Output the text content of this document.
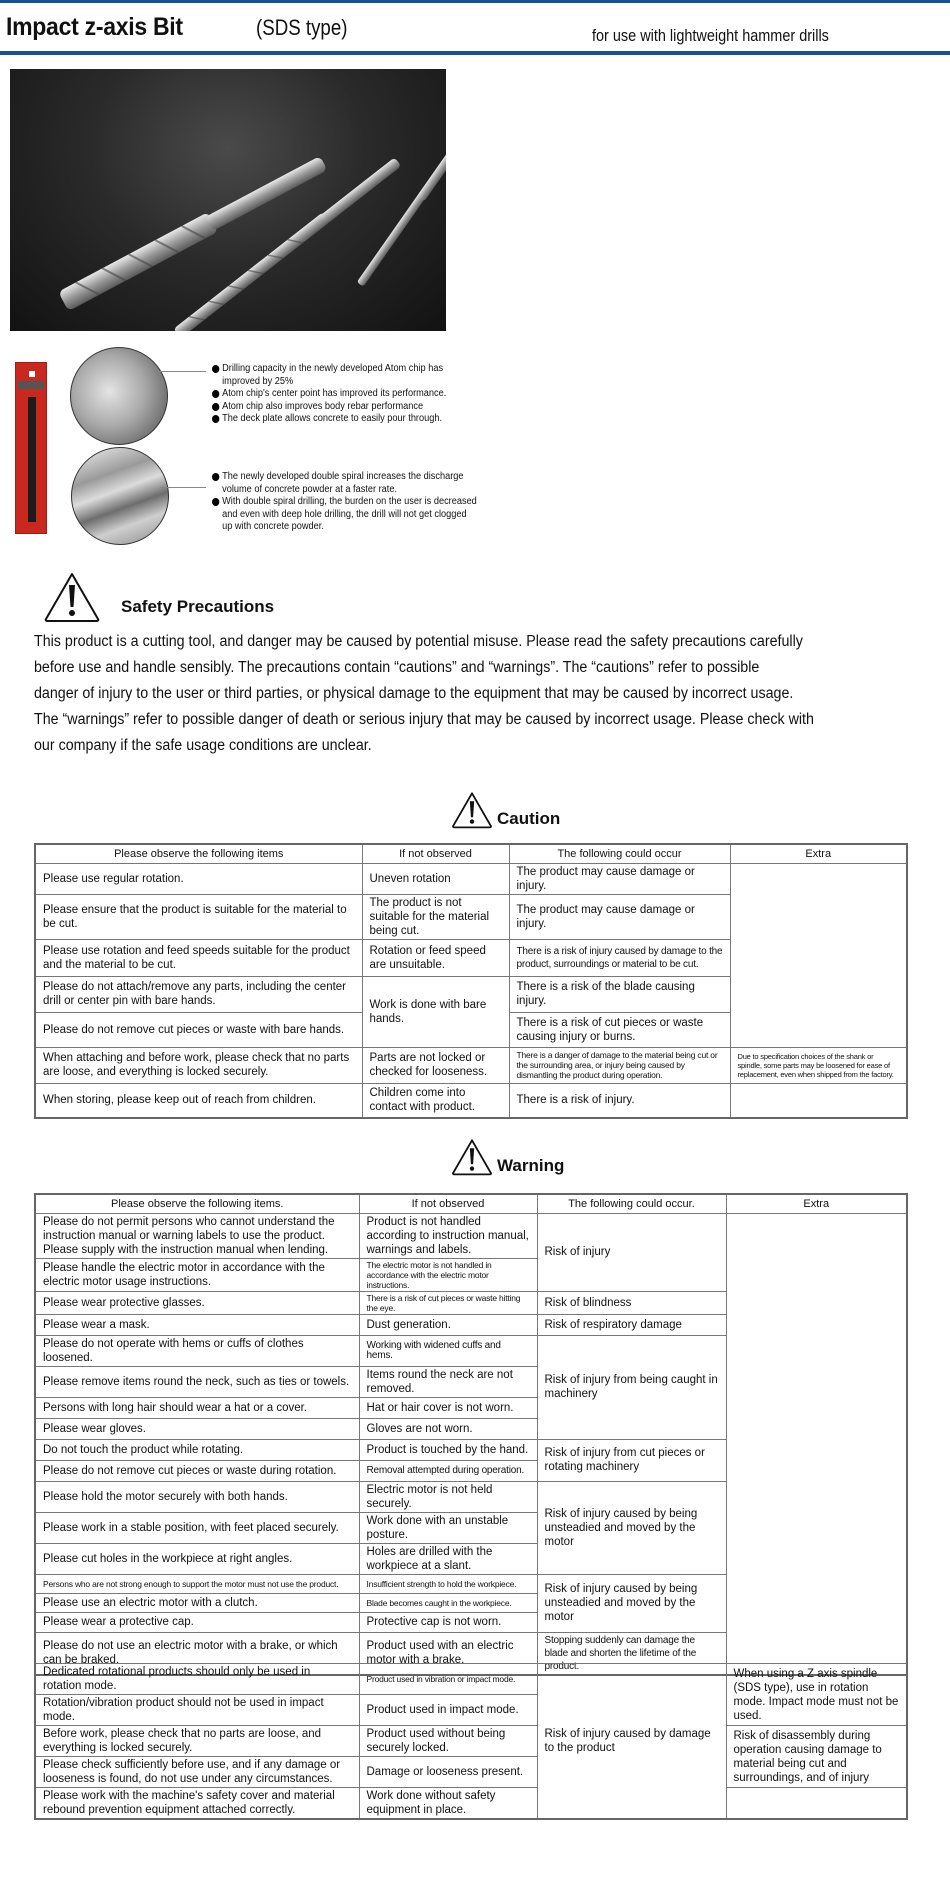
Impact z-axis Bit	(SDS type)	for use with lightweight hammer drills
Drilling capacity in the newly developed Atom chip has improved by 25%
Atom chip's center point has improved its performance.
Atom chip also improves body rebar performance
The deck plate allows concrete to easily pour through.
The newly developed double spiral increases the discharge volume of concrete powder at a faster rate.
With double spiral drilling, the burden on the user is decreased and even with deep hole drilling, the drill will not get clogged up with concrete powder.
Safety Precautions

This product is a cutting tool, and danger may be caused by potential misuse. Please read the safety precautions carefully

before use and handle sensibly. The precautions contain “cautions” and “warnings”. The “cautions” refer to possible

danger of injury to the user or third parties, or physical damage to the equipment that may be caused by incorrect usage.

The “warnings” refer to possible danger of death or serious injury that may be caused by incorrect usage. Please check with

our company if the safe usage conditions are unclear.

Caution
Please observe the following items	If not observed	The following could occur	Extra
Please use regular rotation.	Uneven rotation	The product may cause damage or injury.	
Please ensure that the product is suitable for the material to be cut.	The product is not suitable for the material being cut.	The product may cause damage or injury.	
Please use rotation and feed speeds suitable for the product and the material to be cut.	Rotation or feed speed are unsuitable.	There is a risk of injury caused by damage to the product, surroundings or material to be cut.	
Please do not attach/remove any parts, including the center drill or center pin with bare hands.	Work is done with bare hands.	There is a risk of the blade causing injury.	
Please do not remove cut pieces or waste with bare hands.		There is a risk of cut pieces or waste causing injury or burns.	
When attaching and before work, please check that no parts are loose, and everything is locked securely.	Parts are not locked or checked for looseness.	There is a danger of damage to the material being cut or the surrounding area, or injury being caused by dismantling the product during operation.	Due to specification choices of the shank or spindle, some parts may be loosened for ease of replacement, even when shipped from the factory.
When storing, please keep out of reach from children.	Children come into contact with product.	There is a risk of injury.	
Warning
Please observe the following items.	If not observed	The following could occur.	Extra
Please do not permit persons who cannot understand the instruction manual or warning labels to use the product. Please supply with the instruction manual when lending.	Product is not handled according to instruction manual, warnings and labels.	Risk of injury	
Please handle the electric motor in accordance with the electric motor usage instructions.	The electric motor is not handled in accordance with the electric motor instructions.		
Please wear protective glasses.	There is a risk of cut pieces or waste hitting the eye.	Risk of blindness	
Please wear a mask.	Dust generation.	Risk of respiratory damage	
Please do not operate with hems or cuffs of clothes loosened.	Working with widened cuffs and hems.	Risk of injury from being caught in machinery	
Please remove items round the neck, such as ties or towels.	Items round the neck are not removed.		
Persons with long hair should wear a hat or a cover.	Hat or hair cover is not worn.		
Please wear gloves.	Gloves are not worn.		
Do not touch the product while rotating.	Product is touched by the hand.	Risk of injury from cut pieces or rotating machinery	
Please do not remove cut pieces or waste during rotation.	Removal attempted during operation.		
Please hold the motor securely with both hands.	Electric motor is not held securely.	Risk of injury caused by being unsteadied and moved by the motor	
Please work in a stable position, with feet placed securely.	Work done with an unstable posture.		
Please cut holes in the workpiece at right angles.	Holes are drilled with the workpiece at a slant.		
Persons who are not strong enough to support the motor must not use the product.	Insufficient strength to hold the workpiece.	Risk of injury caused by being unsteadied and moved by the motor	
Please use an electric motor with a clutch.	Blade becomes caught in the workpiece.		
Please wear a protective cap.	Protective cap is not worn.		
Please do not use an electric motor with a brake, or which can be braked.	Product used with an electric motor with a brake.	Stopping suddenly can damage the blade and shorten the lifetime of the product.	
Dedicated rotational products should only be used in rotation mode.	Product used in vibration or impact mode.	Risk of injury caused by damage to the product	When using a Z axis spindle (SDS type), use in rotation mode. Impact mode must not be used.
Rotation/vibration product should not be used in impact mode.	Product used in impact mode.		
Before work, please check that no parts are loose, and everything is locked securely.	Product used without being securely locked.		Risk of disassembly during operation causing damage to material being cut and surroundings, and of injury
Please check sufficiently before use, and if any damage or looseness is found, do not use under any circumstances.	Damage or looseness present.		
Please work with the machine's safety cover and material rebound prevention equipment attached correctly.	Work done without safety equipment in place.		
